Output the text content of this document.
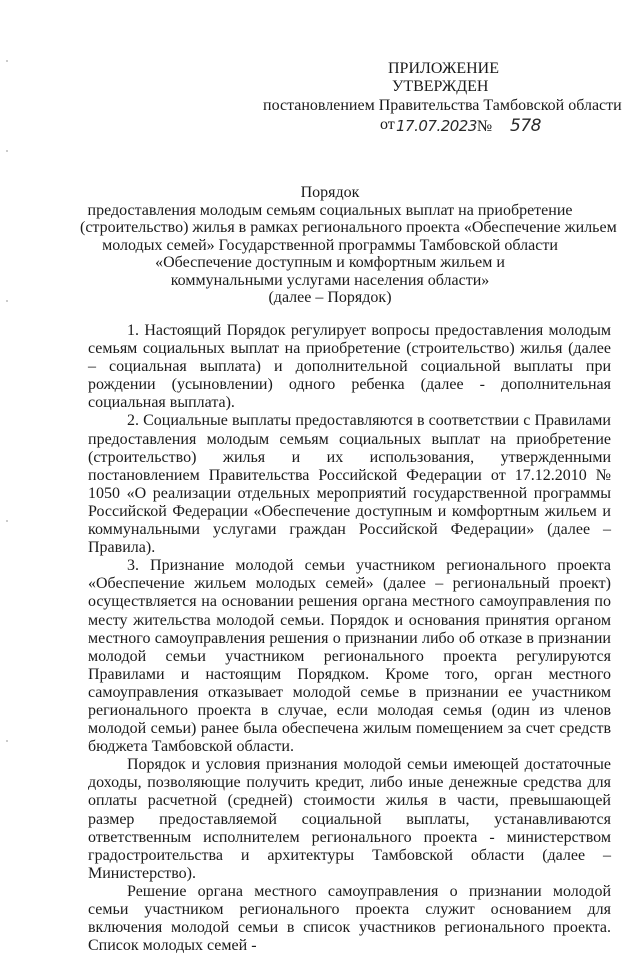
ПРИЛОЖЕНИЕ
УТВЕРЖДЕН
постановлением Правительства Тамбовской области
от 17.07.2023№ 578
Порядок
предоставления молодым семьям социальных выплат на приобретение
(строительство) жилья в рамках регионального проекта «Обеспечение жильем
молодых семей» Государственной программы Тамбовской области
«Обеспечение доступным и комфортным жильем и
коммунальными услугами населения области»
(далее – Порядок)

1. Настоящий Порядок регулирует вопросы предоставления молодым семьям социальных выплат на приобретение (строительство) жилья (далее – социальная выплата) и дополнительной социальной выплаты при рождении (усыновлении) одного ребенка (далее - дополнительная социальная выплата).

2. Социальные выплаты предоставляются в соответствии с Правилами предоставления молодым семьям социальных выплат на приобретение (строительство) жилья и их использования, утвержденными постановлением Правительства Российской Федерации от 17.12.2010 № 1050 «О реализации отдельных мероприятий государственной программы Российской Федерации «Обеспечение доступным и комфортным жильем и коммунальными услугами граждан Российской Федерации» (далее – Правила).

3. Признание молодой семьи участником регионального проекта «Обеспечение жильем молодых семей» (далее – региональный проект) осуществляется на основании решения органа местного самоуправления по месту жительства молодой семьи. Порядок и основания принятия органом местного самоуправления решения о признании либо об отказе в признании молодой семьи участником регионального проекта регулируются Правилами и настоящим Порядком. Кроме того, орган местного самоуправления отказывает молодой семье в признании ее участником регионального проекта в случае, если молодая семья (один из членов молодой семьи) ранее была обеспечена жилым помещением за счет средств бюджета Тамбовской области.

Порядок и условия признания молодой семьи имеющей достаточные доходы, позволяющие получить кредит, либо иные денежные средства для оплаты расчетной (средней) стоимости жилья в части, превышающей размер предоставляемой социальной выплаты, устанавливаются ответственным исполнителем регионального проекта - министерством градостроительства и архитектуры Тамбовской области (далее – Министерство).

Решение органа местного самоуправления о признании молодой семьи участником регионального проекта служит основанием для включения молодой семьи в список участников регионального проекта. Список молодых семей -
